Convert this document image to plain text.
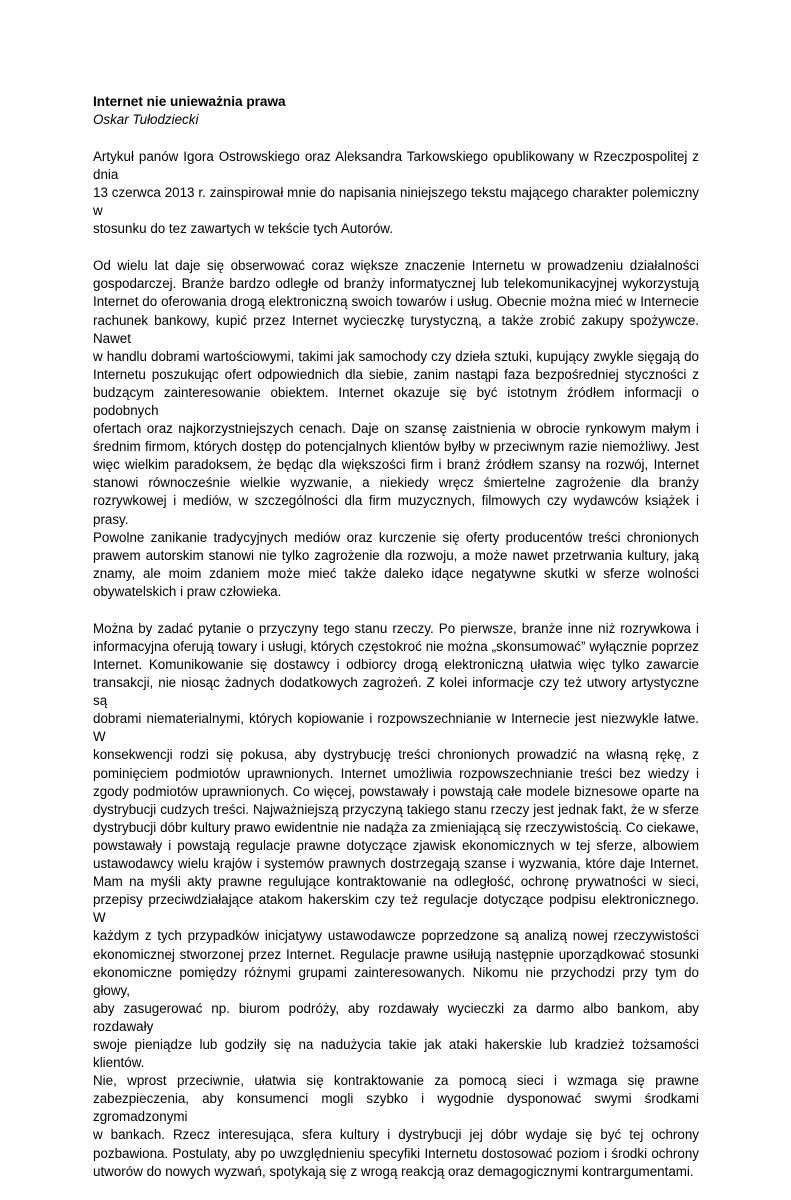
Internet nie unieważnia prawa

Oskar Tułodziecki

Artykuł panów Igora Ostrowskiego oraz Aleksandra Tarkowskiego opublikowany w Rzeczpospolitej z dnia
13 czerwca 2013 r. zainspirował mnie do napisania niniejszego tekstu mającego charakter polemiczny w
stosunku do tez zawartych w tekście tych Autorów.
Od wielu lat daje się obserwować coraz większe znaczenie Internetu w prowadzeniu działalności
gospodarczej. Branże bardzo odległe od branży informatycznej lub telekomunikacyjnej wykorzystują
Internet do oferowania drogą elektroniczną swoich towarów i usług. Obecnie można mieć w Internecie
rachunek bankowy, kupić przez Internet wycieczkę turystyczną, a także zrobić zakupy spożywcze. Nawet
w handlu dobrami wartościowymi, takimi jak samochody czy dzieła sztuki, kupujący zwykle sięgają do
Internetu poszukując ofert odpowiednich dla siebie, zanim nastąpi faza bezpośredniej styczności z
budzącym zainteresowanie obiektem. Internet okazuje się być istotnym źródłem informacji o podobnych
ofertach oraz najkorzystniejszych cenach. Daje on szansę zaistnienia w obrocie rynkowym małym i
średnim firmom, których dostęp do potencjalnych klientów byłby w przeciwnym razie niemożliwy. Jest
więc wielkim paradoksem, że będąc dla większości firm i branż źródłem szansy na rozwój, Internet
stanowi równocześnie wielkie wyzwanie, a niekiedy wręcz śmiertelne zagrożenie dla branży
rozrywkowej i mediów, w szczególności dla firm muzycznych, filmowych czy wydawców książek i prasy.
Powolne zanikanie tradycyjnych mediów oraz kurczenie się oferty producentów treści chronionych
prawem autorskim stanowi nie tylko zagrożenie dla rozwoju, a może nawet przetrwania kultury, jaką
znamy, ale moim zdaniem może mieć także daleko idące negatywne skutki w sferze wolności
obywatelskich i praw człowieka.
Można by zadać pytanie o przyczyny tego stanu rzeczy. Po pierwsze, branże inne niż rozrywkowa i
informacyjna oferują towary i usługi, których częstokroć nie można „skonsumować” wyłącznie poprzez
Internet. Komunikowanie się dostawcy i odbiorcy drogą elektroniczną ułatwia więc tylko zawarcie
transakcji, nie niosąc żadnych dodatkowych zagrożeń. Z kolei informacje czy też utwory artystyczne są
dobrami niematerialnymi, których kopiowanie i rozpowszechnianie w Internecie jest niezwykle łatwe. W
konsekwencji rodzi się pokusa, aby dystrybucję treści chronionych prowadzić na własną rękę, z
pominięciem podmiotów uprawnionych. Internet umożliwia rozpowszechnianie treści bez wiedzy i
zgody podmiotów uprawnionych. Co więcej, powstawały i powstają całe modele biznesowe oparte na
dystrybucji cudzych treści. Najważniejszą przyczyną takiego stanu rzeczy jest jednak fakt, że w sferze
dystrybucji dóbr kultury prawo ewidentnie nie nadąża za zmieniającą się rzeczywistością. Co ciekawe,
powstawały i powstają regulacje prawne dotyczące zjawisk ekonomicznych w tej sferze, albowiem
ustawodawcy wielu krajów i systemów prawnych dostrzegają szanse i wyzwania, które daje Internet.
Mam na myśli akty prawne regulujące kontraktowanie na odległość, ochronę prywatności w sieci,
przepisy przeciwdziałające atakom hakerskim czy też regulacje dotyczące podpisu elektronicznego. W
każdym z tych przypadków inicjatywy ustawodawcze poprzedzone są analizą nowej rzeczywistości
ekonomicznej stworzonej przez Internet. Regulacje prawne usiłują następnie uporządkować stosunki
ekonomiczne pomiędzy różnymi grupami zainteresowanych. Nikomu nie przychodzi przy tym do głowy,
aby zasugerować np. biurom podróży, aby rozdawały wycieczki za darmo albo bankom, aby rozdawały
swoje pieniądze lub godziły się na nadużycia takie jak ataki hakerskie lub kradzież tożsamości klientów.
Nie, wprost przeciwnie, ułatwia się kontraktowanie za pomocą sieci i wzmaga się prawne
zabezpieczenia, aby konsumenci mogli szybko i wygodnie dysponować swymi środkami zgromadzonymi
w bankach. Rzecz interesująca, sfera kultury i dystrybucji jej dóbr wydaje się być tej ochrony
pozbawiona. Postulaty, aby po uwzględnieniu specyfiki Internetu dostosować poziom i środki ochrony
utworów do nowych wyzwań, spotykają się z wrogą reakcją oraz demagogicznymi kontrargumentami.
